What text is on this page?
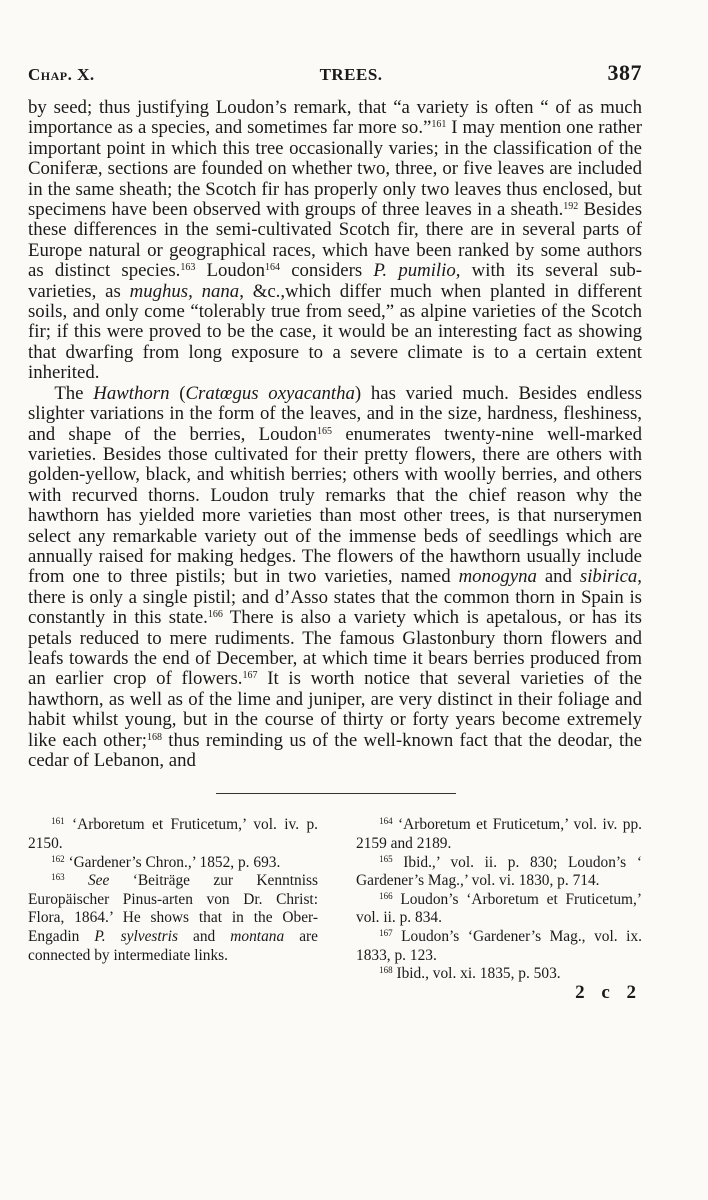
Chap. X.	TREES.	387

by seed; thus justifying Loudon’s remark, that “a variety is often “ of as much importance as a species, and sometimes far more so.”$^{161}$ I may mention one rather important point in which this tree occasionally varies; in the classification of the Coniferæ, sections are founded on whether two, three, or five leaves are included in the same sheath; the Scotch fir has properly only two leaves thus enclosed, but specimens have been observed with groups of three leaves in a sheath.$^{192}$ Besides these differences in the semi-cultivated Scotch fir, there are in several parts of Europe natural or geographical races, which have been ranked by some authors as distinct species.$^{163}$ Loudon$^{164}$ considers P. pumilio, with its several sub-varieties, as mughus, nana, &c.,which differ much when planted in different soils, and only come “tolerably true from seed,” as alpine varieties of the Scotch fir; if this were proved to be the case, it would be an interesting fact as showing that dwarfing from long exposure to a severe climate is to a certain extent inherited.

The Hawthorn (Cratœgus oxyacantha) has varied much. Besides endless slighter variations in the form of the leaves, and in the size, hardness, fleshiness, and shape of the berries, Loudon$^{165}$ enumerates twenty-nine well-marked varieties. Besides those cultivated for their pretty flowers, there are others with golden-yellow, black, and whitish berries; others with woolly berries, and others with recurved thorns. Loudon truly remarks that the chief reason why the hawthorn has yielded more varieties than most other trees, is that nurserymen select any remarkable variety out of the immense beds of seedlings which are annually raised for making hedges. The flowers of the hawthorn usually include from one to three pistils; but in two varieties, named monogyna and sibirica, there is only a single pistil; and d’Asso states that the common thorn in Spain is constantly in this state.$^{166}$ There is also a variety which is apetalous, or has its petals reduced to mere rudiments. The famous Glastonbury thorn flowers and leafs towards the end of December, at which time it bears berries produced from an earlier crop of flowers.$^{167}$ It is worth notice that several varieties of the hawthorn, as well as of the lime and juniper, are very distinct in their foliage and habit whilst young, but in the course of thirty or forty years become extremely like each other;$^{168}$ thus reminding us of the well-known fact that the deodar, the cedar of Lebanon, and

$^{161}$ ‘Arboretum et Fruticetum,’ vol. iv. p. 2150.

$^{162}$ ‘Gardener’s Chron.,’ 1852, p. 693.

$^{163}$ See ‘Beiträge zur Kenntniss Europäischer Pinus-arten von Dr. Christ: Flora, 1864.’ He shows that in the Ober-Engadin P. sylvestris and montana are connected by intermediate links.

$^{164}$ ‘Arboretum et Fruticetum,’ vol. iv. pp. 2159 and 2189.

$^{165}$ Ibid.,’ vol. ii. p. 830; Loudon’s ‘ Gardener’s Mag.,’ vol. vi. 1830, p. 714.

$^{166}$ Loudon’s ‘Arboretum et Fruticetum,’ vol. ii. p. 834.

$^{167}$ Loudon’s ‘Gardener’s Mag., vol. ix. 1833, p. 123.

$^{168}$ Ibid., vol. xi. 1835, p. 503.

2 c 2
